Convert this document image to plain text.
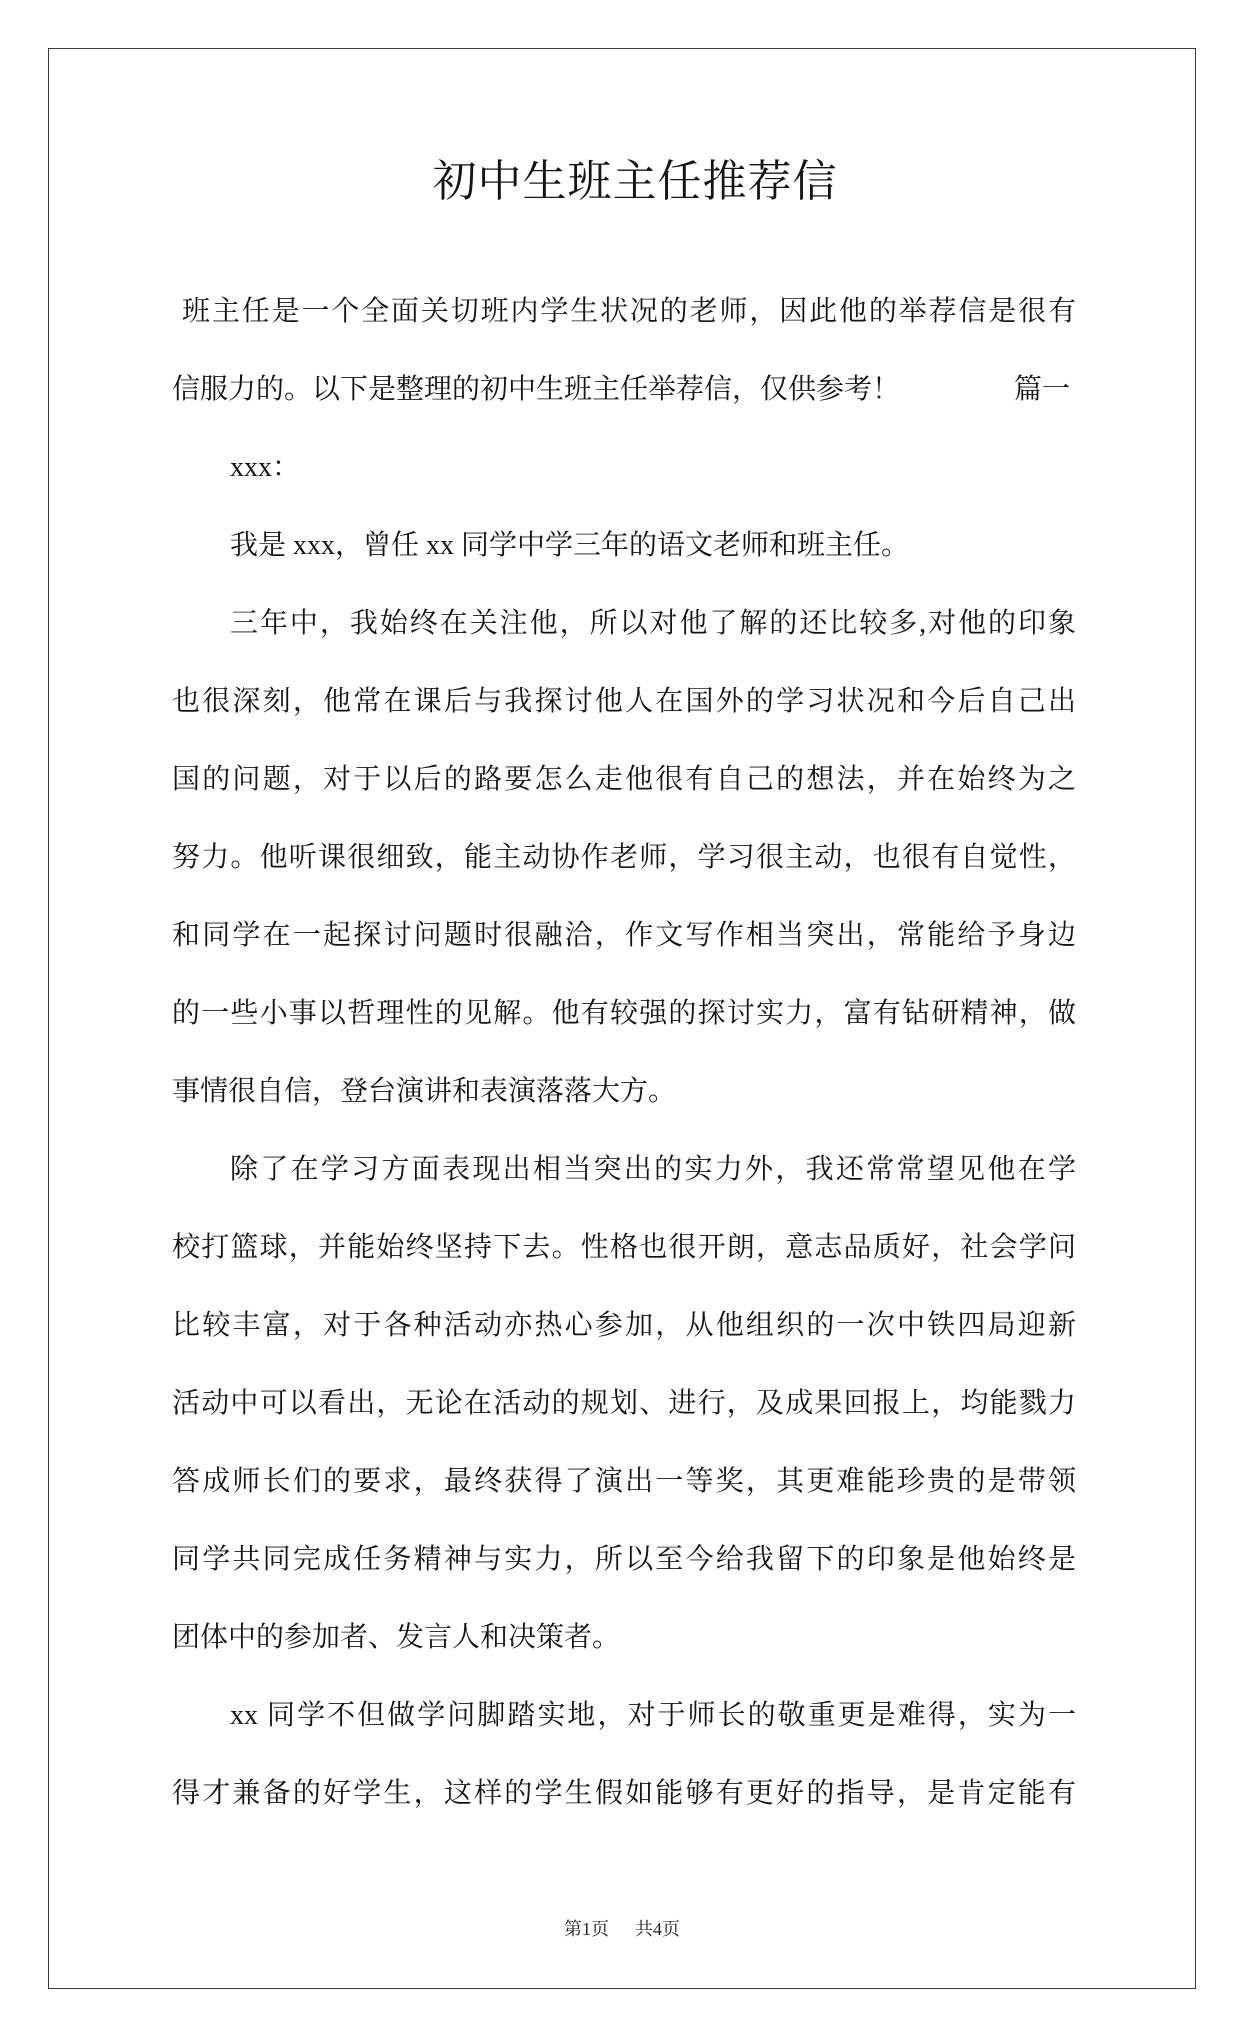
初中生班主任推荐信
班主任是一个全面关切班内学生状况的老师，因此他的举荐信是很有
信服力的。以下是整理的初中生班主任举荐信，仅供参考！	篇一
xxx：
我是 xxx，曾任 xx 同学中学三年的语文老师和班主任。
三年中，我始终在关注他，所以对他了解的还比较多,对他的印象
也很深刻，他常在课后与我探讨他人在国外的学习状况和今后自己出
国的问题，对于以后的路要怎么走他很有自己的想法，并在始终为之
努力。他听课很细致，能主动协作老师，学习很主动，也很有自觉性，
和同学在一起探讨问题时很融洽，作文写作相当突出，常能给予身边
的一些小事以哲理性的见解。他有较强的探讨实力，富有钻研精神，做
事情很自信，登台演讲和表演落落大方。
除了在学习方面表现出相当突出的实力外，我还常常望见他在学
校打篮球，并能始终坚持下去。性格也很开朗，意志品质好，社会学问
比较丰富，对于各种活动亦热心参加，从他组织的一次中铁四局迎新
活动中可以看出，无论在活动的规划、进行，及成果回报上，均能戮力
答成师长们的要求，最终获得了演出一等奖，其更难能珍贵的是带领
同学共同完成任务精神与实力，所以至今给我留下的印象是他始终是
团体中的参加者、发言人和决策者。
xx 同学不但做学问脚踏实地，对于师长的敬重更是难得，实为一
得才兼备的好学生，这样的学生假如能够有更好的指导，是肯定能有
第1页 共4页
